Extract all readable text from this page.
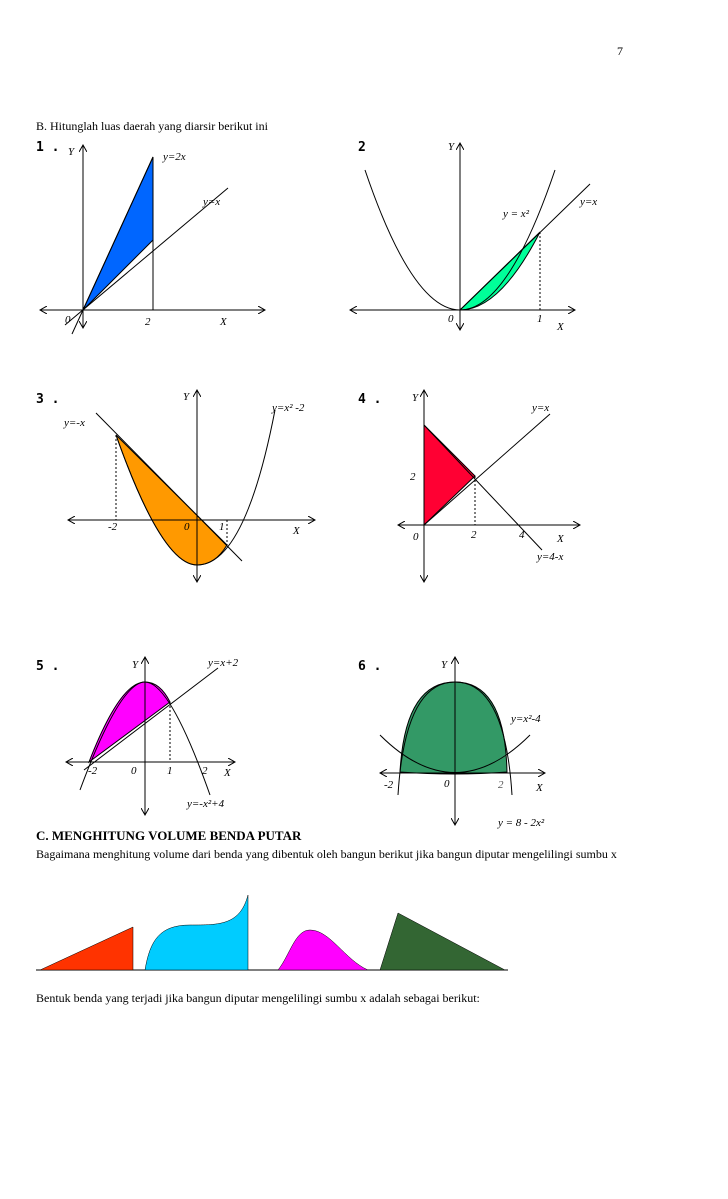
7
B. Hitunglah luas daerah yang diarsir berikut ini
1 .	2
3 .	4 .
5 .	6 .
Y	y=2x
y=x
0	2	X
Y
y = x²
y=x
0	1
X
Y
y=-x
y=x² -2
-2	0	1	X
Y
y=x
2
0	2	4	X
y=4-x
Y	y=x+2
-2	0	1	2 X
y=-x²+4
Y
y=x²-4
-2	0	2	X
y = 8 - 2x²
C. MENGHITUNG VOLUME BENDA PUTAR
Bagaimana menghitung volume dari benda yang dibentuk oleh bangun berikut jika bangun diputar mengelilingi sumbu x
Bentuk benda yang terjadi jika bangun diputar mengelilingi sumbu x adalah sebagai berikut:
